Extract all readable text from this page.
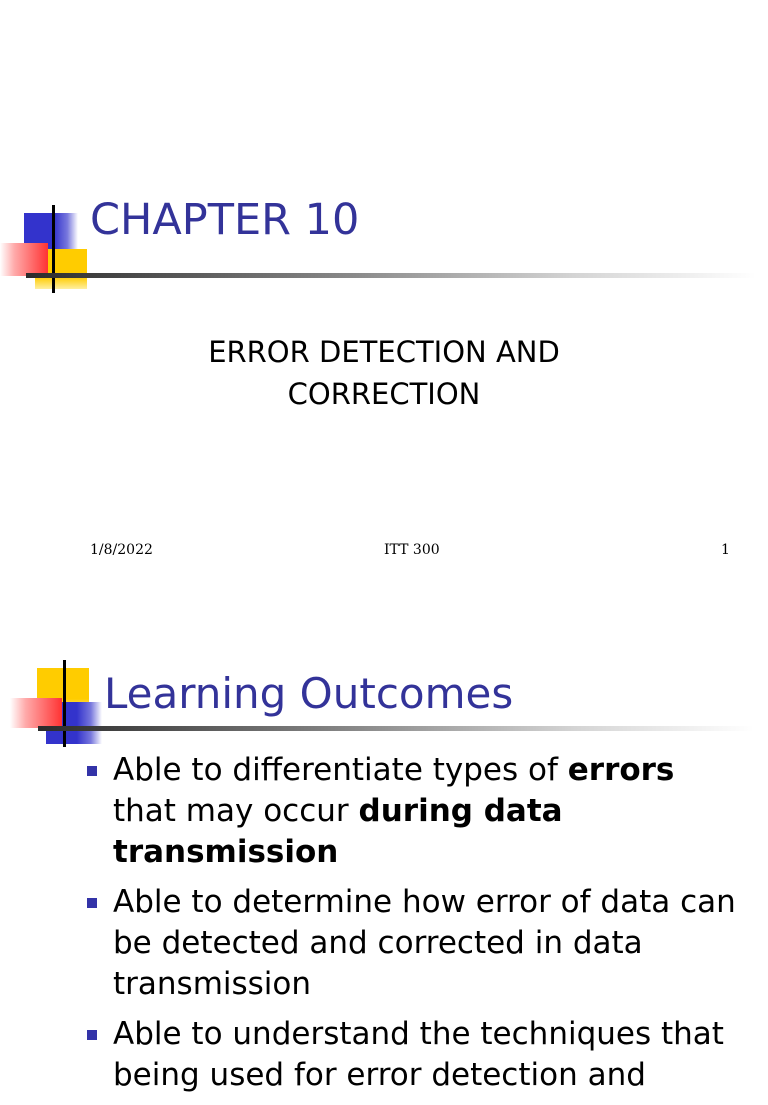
CHAPTER 10
ERROR DETECTION AND
CORRECTION
1/8/2022	ITT 300	1
Learning Outcomes
Able to differentiate types of errors that may occur during data transmission
Able to determine how error of data can be detected and corrected in data transmission
Able to understand the techniques that being used for error detection and
